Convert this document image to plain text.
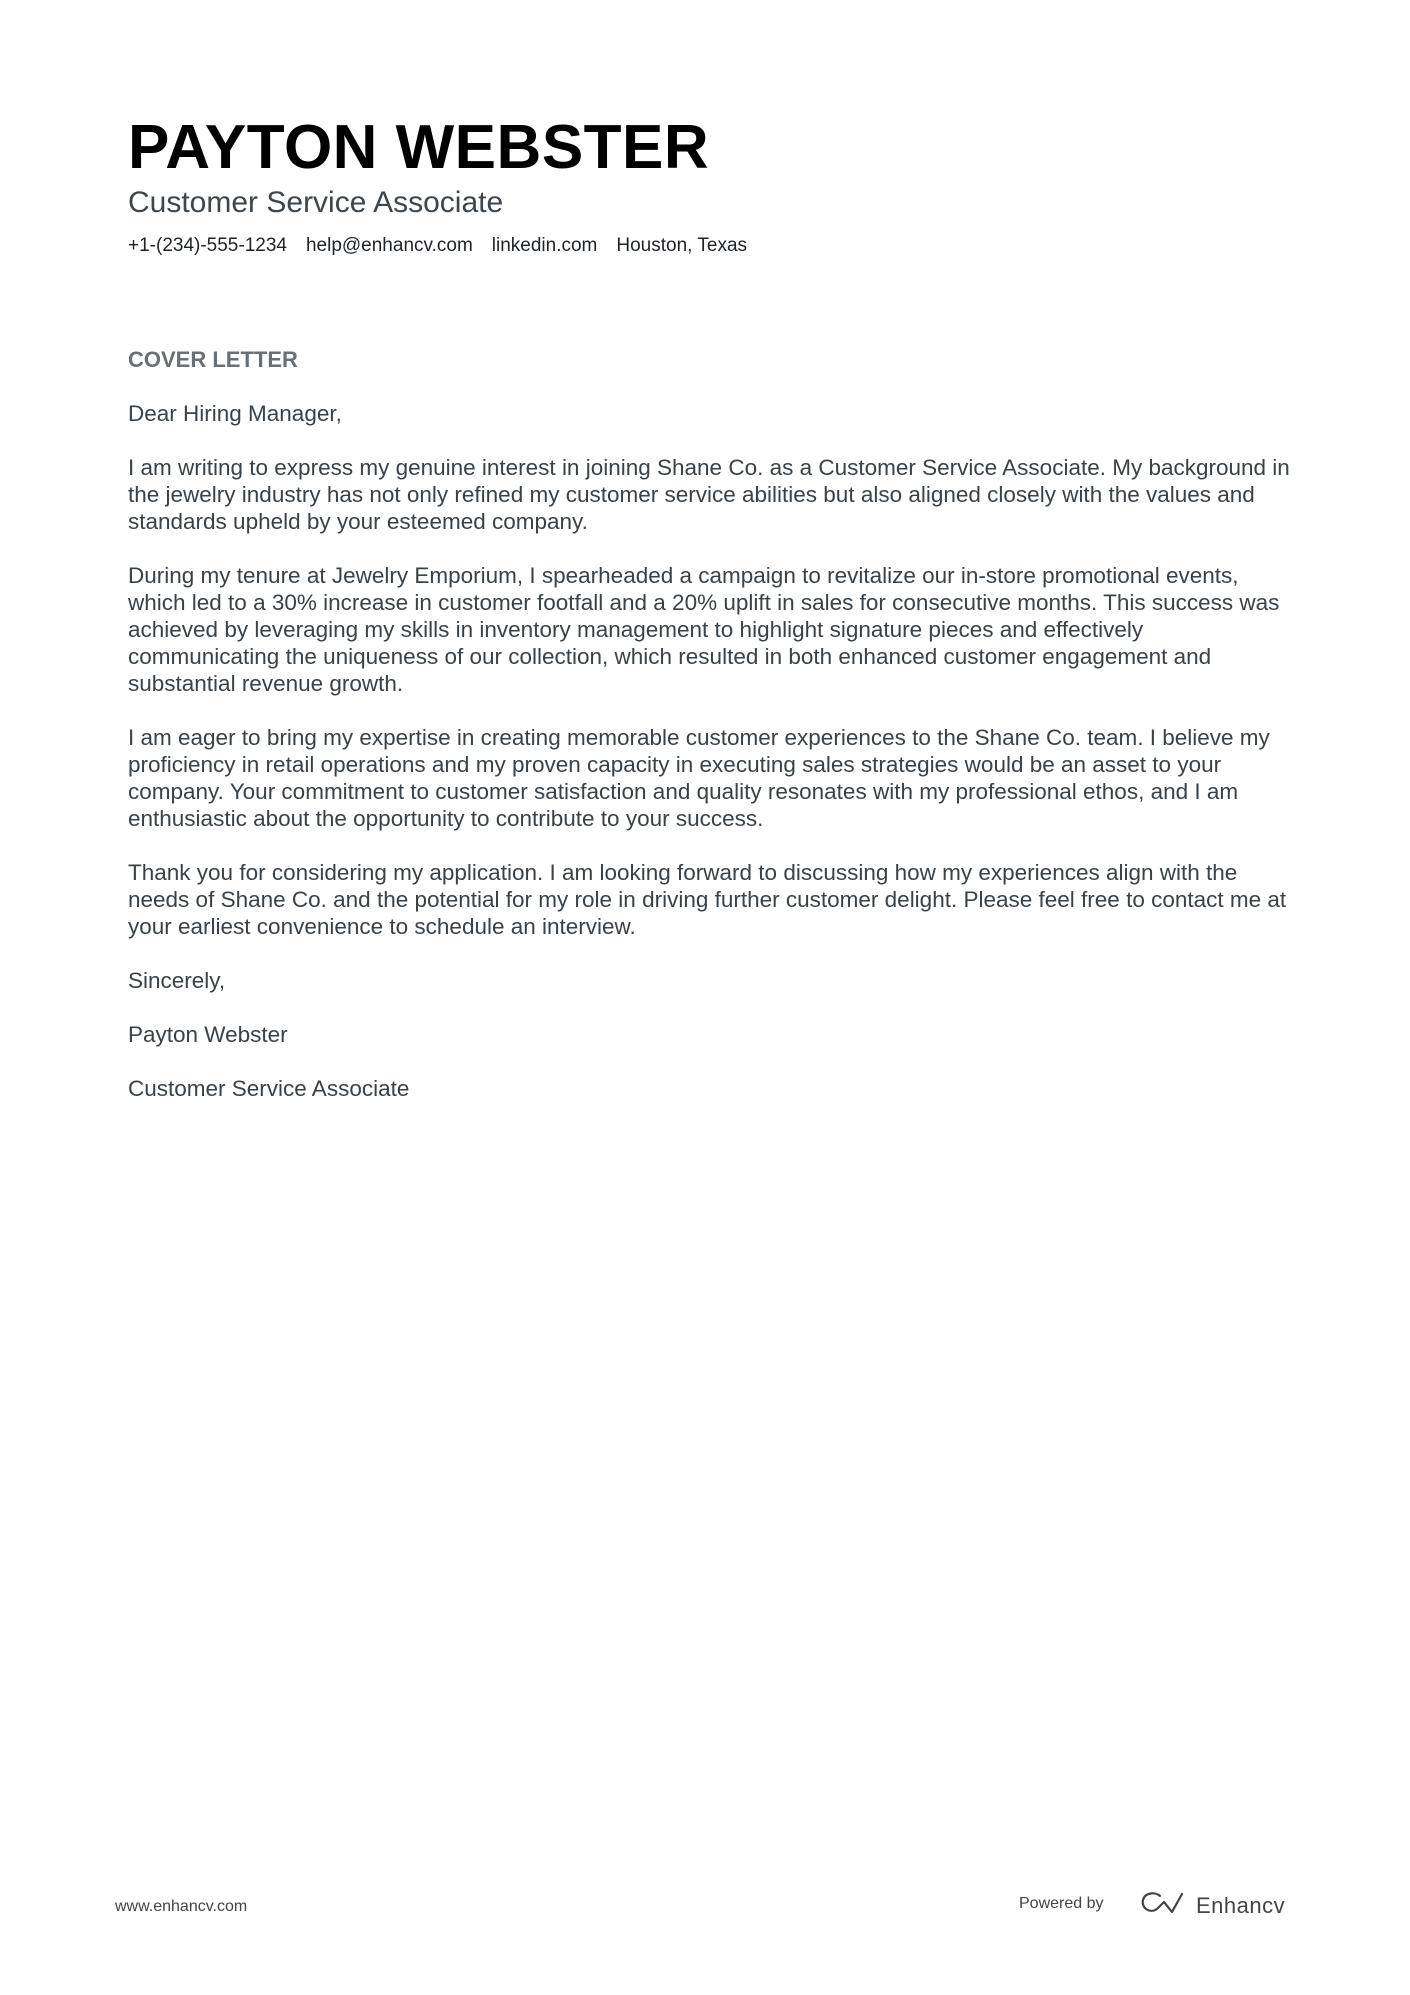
PAYTON WEBSTER
Customer Service Associate
+1-(234)-555-1234 help@enhancv.com linkedin.com Houston, Texas
COVER LETTER

Dear Hiring Manager,

I am writing to express my genuine interest in joining Shane Co. as a Customer Service Associate. My background in the jewelry industry has not only refined my customer service abilities but also aligned closely with the values and standards upheld by your esteemed company.

During my tenure at Jewelry Emporium, I spearheaded a campaign to revitalize our in-store promotional events, which led to a 30% increase in customer footfall and a 20% uplift in sales for consecutive months. This success was achieved by leveraging my skills in inventory management to highlight signature pieces and effectively communicating the uniqueness of our collection, which resulted in both enhanced customer engagement and substantial revenue growth.

I am eager to bring my expertise in creating memorable customer experiences to the Shane Co. team. I believe my proficiency in retail operations and my proven capacity in executing sales strategies would be an asset to your company. Your commitment to customer satisfaction and quality resonates with my professional ethos, and I am enthusiastic about the opportunity to contribute to your success.

Thank you for considering my application. I am looking forward to discussing how my experiences align with the needs of Shane Co. and the potential for my role in driving further customer delight. Please feel free to contact me at your earliest convenience to schedule an interview.

Sincerely,

Payton Webster

Customer Service Associate

www.enhancv.com	Powered by	Enhancv
